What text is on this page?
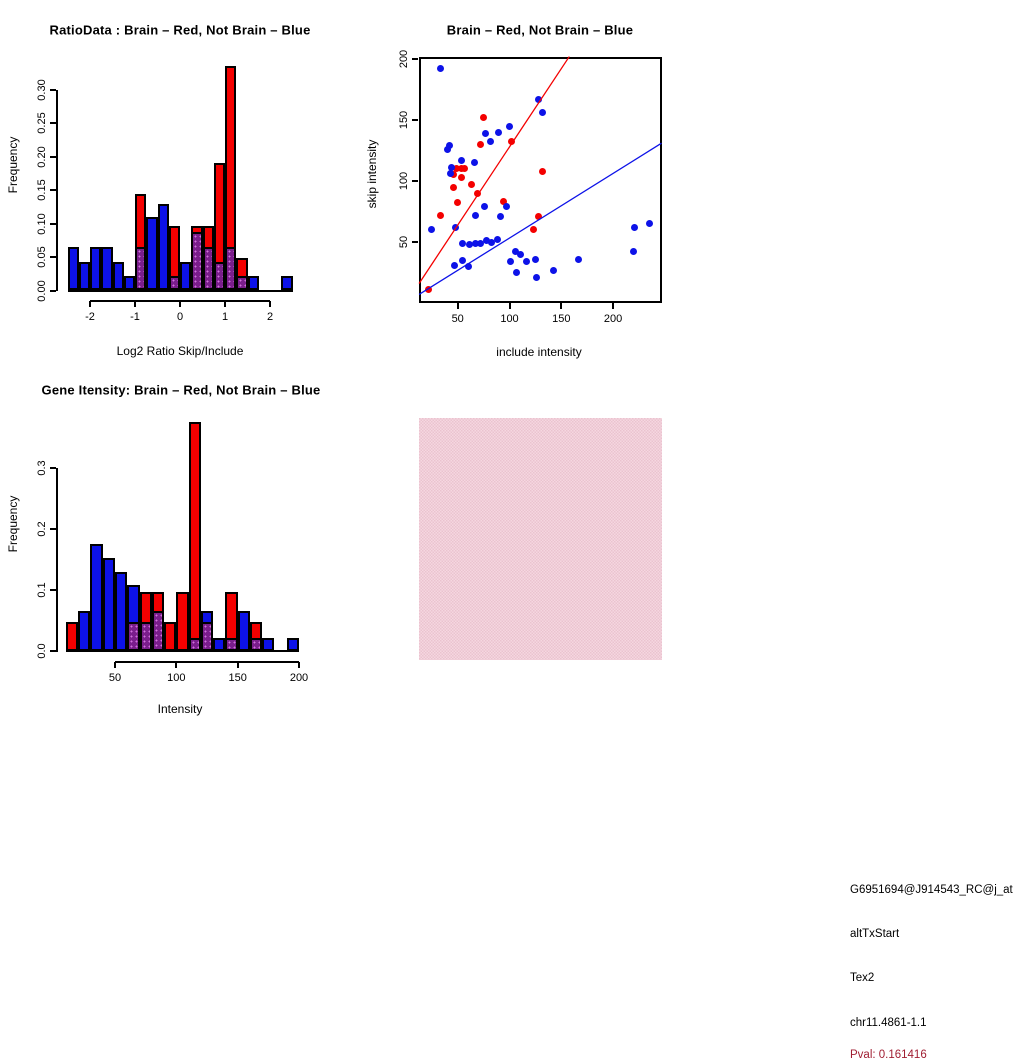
RatioData : Brain – Red, Not Brain – Blue
Frequency
Log2 Ratio Skip/Include
Brain – Red, Not Brain – Blue
skip intensity
include intensity
Gene Itensity: Brain – Red, Not Brain – Blue
Frequency
Intensity
G6951694@J914543_RC@j_at
altTxStart
Tex2
chr11.4861-1.1
Pval: 0.161416
0.00
0.05
0.10
0.15
0.20
0.25
0.30
-2	-1	0	1	2	50	100	150	200
50
100
150
200
0.0
0.1
0.2
0.3
50	100	150	200
